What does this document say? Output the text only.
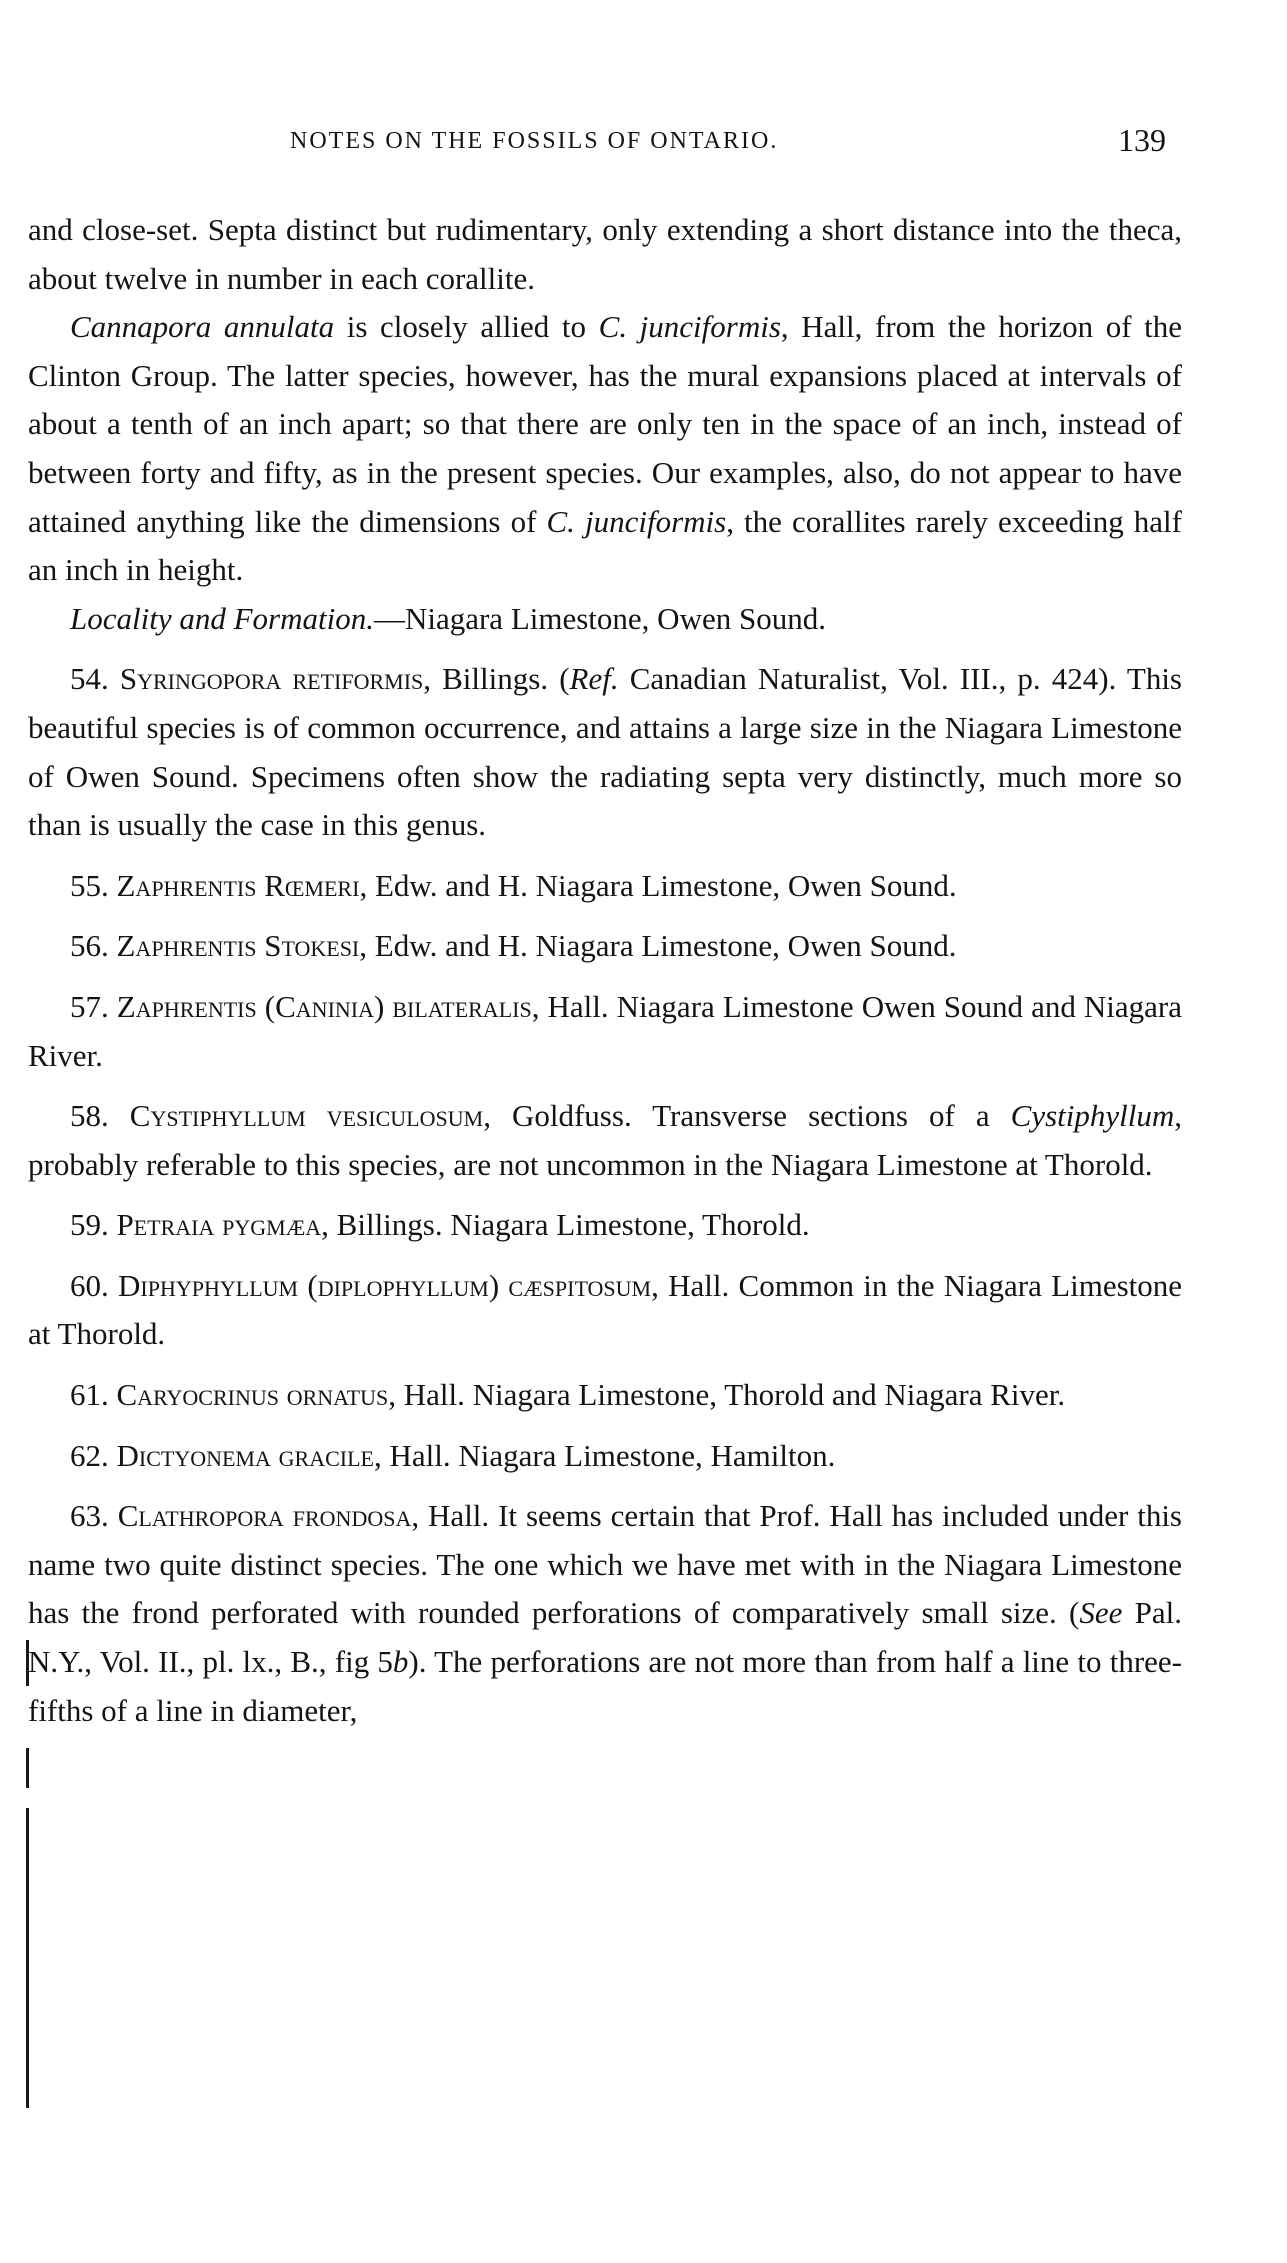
NOTES ON THE FOSSILS OF ONTARIO.	139

and close-set. Septa distinct but rudimentary, only extending a short distance into the theca, about twelve in number in each corallite.

Cannapora annulata is closely allied to C. junciformis, Hall, from the horizon of the Clinton Group. The latter species, however, has the mural expansions placed at intervals of about a tenth of an inch apart; so that there are only ten in the space of an inch, instead of between forty and fifty, as in the present species. Our examples, also, do not appear to have attained anything like the dimensions of C. junciformis, the corallites rarely exceeding half an inch in height.

Locality and Formation.—Niagara Limestone, Owen Sound.

54. Syringopora retiformis, Billings. (Ref. Canadian Naturalist, Vol. III., p. 424). This beautiful species is of common occurrence, and attains a large size in the Niagara Limestone of Owen Sound. Specimens often show the radiating septa very distinctly, much more so than is usually the case in this genus.

55. Zaphrentis Rœmeri, Edw. and H. Niagara Limestone, Owen Sound.

56. Zaphrentis Stokesi, Edw. and H. Niagara Limestone, Owen Sound.

57. Zaphrentis (Caninia) bilateralis, Hall. Niagara Limestone Owen Sound and Niagara River.

58. Cystiphyllum vesiculosum, Goldfuss. Transverse sections of a Cystiphyllum, probably referable to this species, are not uncommon in the Niagara Limestone at Thorold.

59. Petraia pygmæa, Billings. Niagara Limestone, Thorold.

60. Diphyphyllum (diplophyllum) cæspitosum, Hall. Common in the Niagara Limestone at Thorold.

61. Caryocrinus ornatus, Hall. Niagara Limestone, Thorold and Niagara River.

62. Dictyonema gracile, Hall. Niagara Limestone, Hamilton.

63. Clathropora frondosa, Hall. It seems certain that Prof. Hall has included under this name two quite distinct species. The one which we have met with in the Niagara Limestone has the frond perforated with rounded perforations of comparatively small size. (See Pal. N.Y., Vol. II., pl. lx., B., fig 5b). The perforations are not more than from half a line to three-fifths of a line in diameter,
